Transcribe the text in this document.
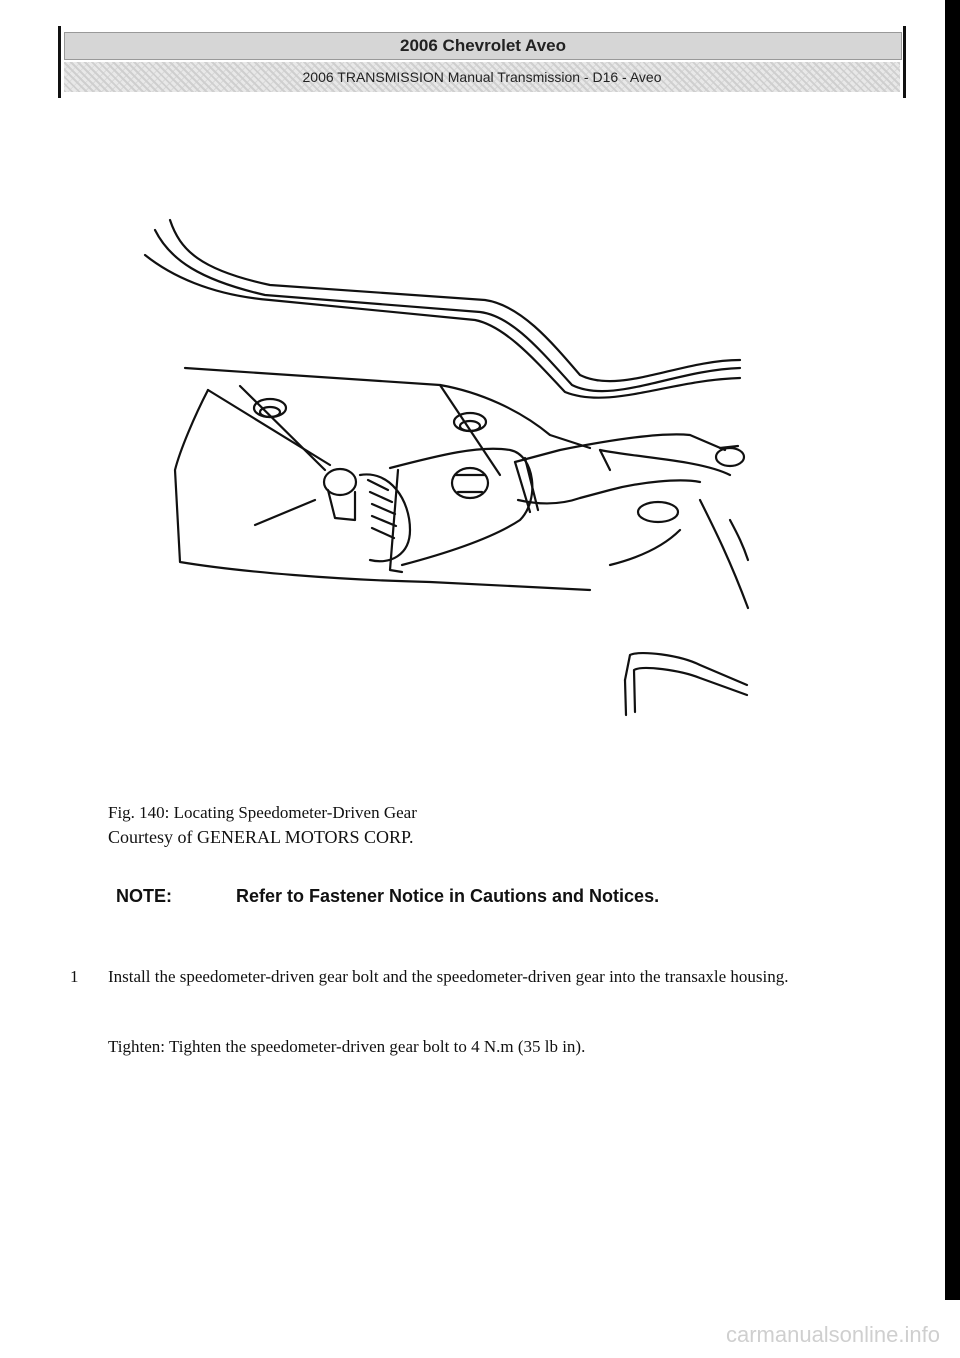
2006 Chevrolet Aveo
2006 TRANSMISSION Manual Transmission - D16 - Aveo
Fig. 140: Locating Speedometer-Driven Gear
Courtesy of GENERAL MOTORS CORP.
NOTE:	Refer to Fastener Notice in Cautions and Notices.
1 Install the speedometer-driven gear bolt and the speedometer-driven gear into the transaxle housing.
Tighten: Tighten the speedometer-driven gear bolt to 4 N.m (35 lb in).
carmanualsonline.info
